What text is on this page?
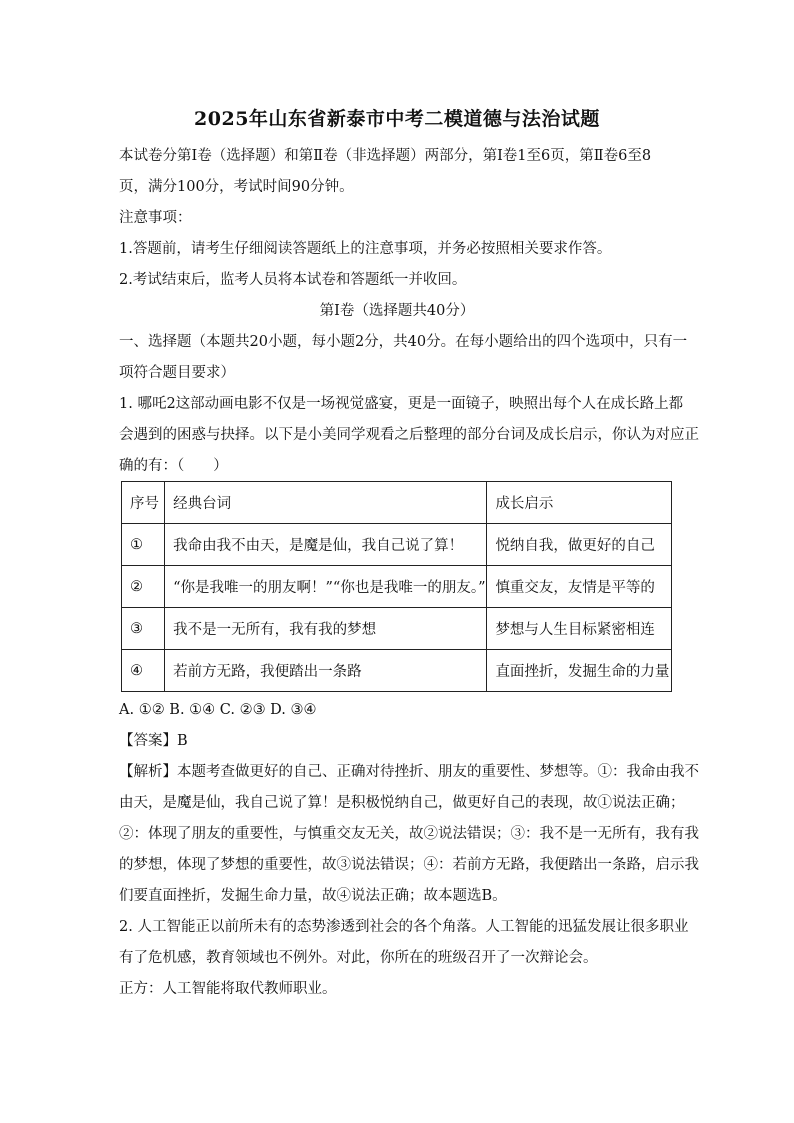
2025年山东省新泰市中考二模道德与法治试题
本试卷分第Ⅰ卷（选择题）和第Ⅱ卷（非选择题）两部分，第Ⅰ卷1至6页，第Ⅱ卷6至8
页，满分100分，考试时间90分钟。
注意事项：
1.答题前，请考生仔细阅读答题纸上的注意事项，并务必按照相关要求作答。
2.考试结束后，监考人员将本试卷和答题纸一并收回。
第Ⅰ卷（选择题共40分）
一、选择题（本题共20小题，每小题2分，共40分。在每小题给出的四个选项中，只有一
项符合题目要求）
1. 哪吒2这部动画电影不仅是一场视觉盛宴，更是一面镜子，映照出每个人在成长路上都
会遇到的困惑与抉择。以下是小美同学观看之后整理的部分台词及成长启示，你认为对应正
确的有：（　　）
序号	经典台词	成长启示
①	我命由我不由天，是魔是仙，我自己说了算！	悦纳自我，做更好的自己
②	“你是我唯一的朋友啊！”“你也是我唯一的朋友。”	慎重交友，友情是平等的
③	我不是一无所有，我有我的梦想	梦想与人生目标紧密相连
④	若前方无路，我便踏出一条路	直面挫折，发掘生命的力量
A. ①② B. ①④ C. ②③ D. ③④
【答案】B
【解析】本题考查做更好的自己、正确对待挫折、朋友的重要性、梦想等。①：我命由我不
由天，是魔是仙，我自己说了算！是积极悦纳自己，做更好自己的表现，故①说法正确；
②：体现了朋友的重要性，与慎重交友无关，故②说法错误；③：我不是一无所有，我有我
的梦想，体现了梦想的重要性，故③说法错误；④：若前方无路，我便踏出一条路，启示我
们要直面挫折，发掘生命力量，故④说法正确；故本题选B。
2. 人工智能正以前所未有的态势渗透到社会的各个角落。人工智能的迅猛发展让很多职业
有了危机感，教育领域也不例外。对此，你所在的班级召开了一次辩论会。
正方：人工智能将取代教师职业。
